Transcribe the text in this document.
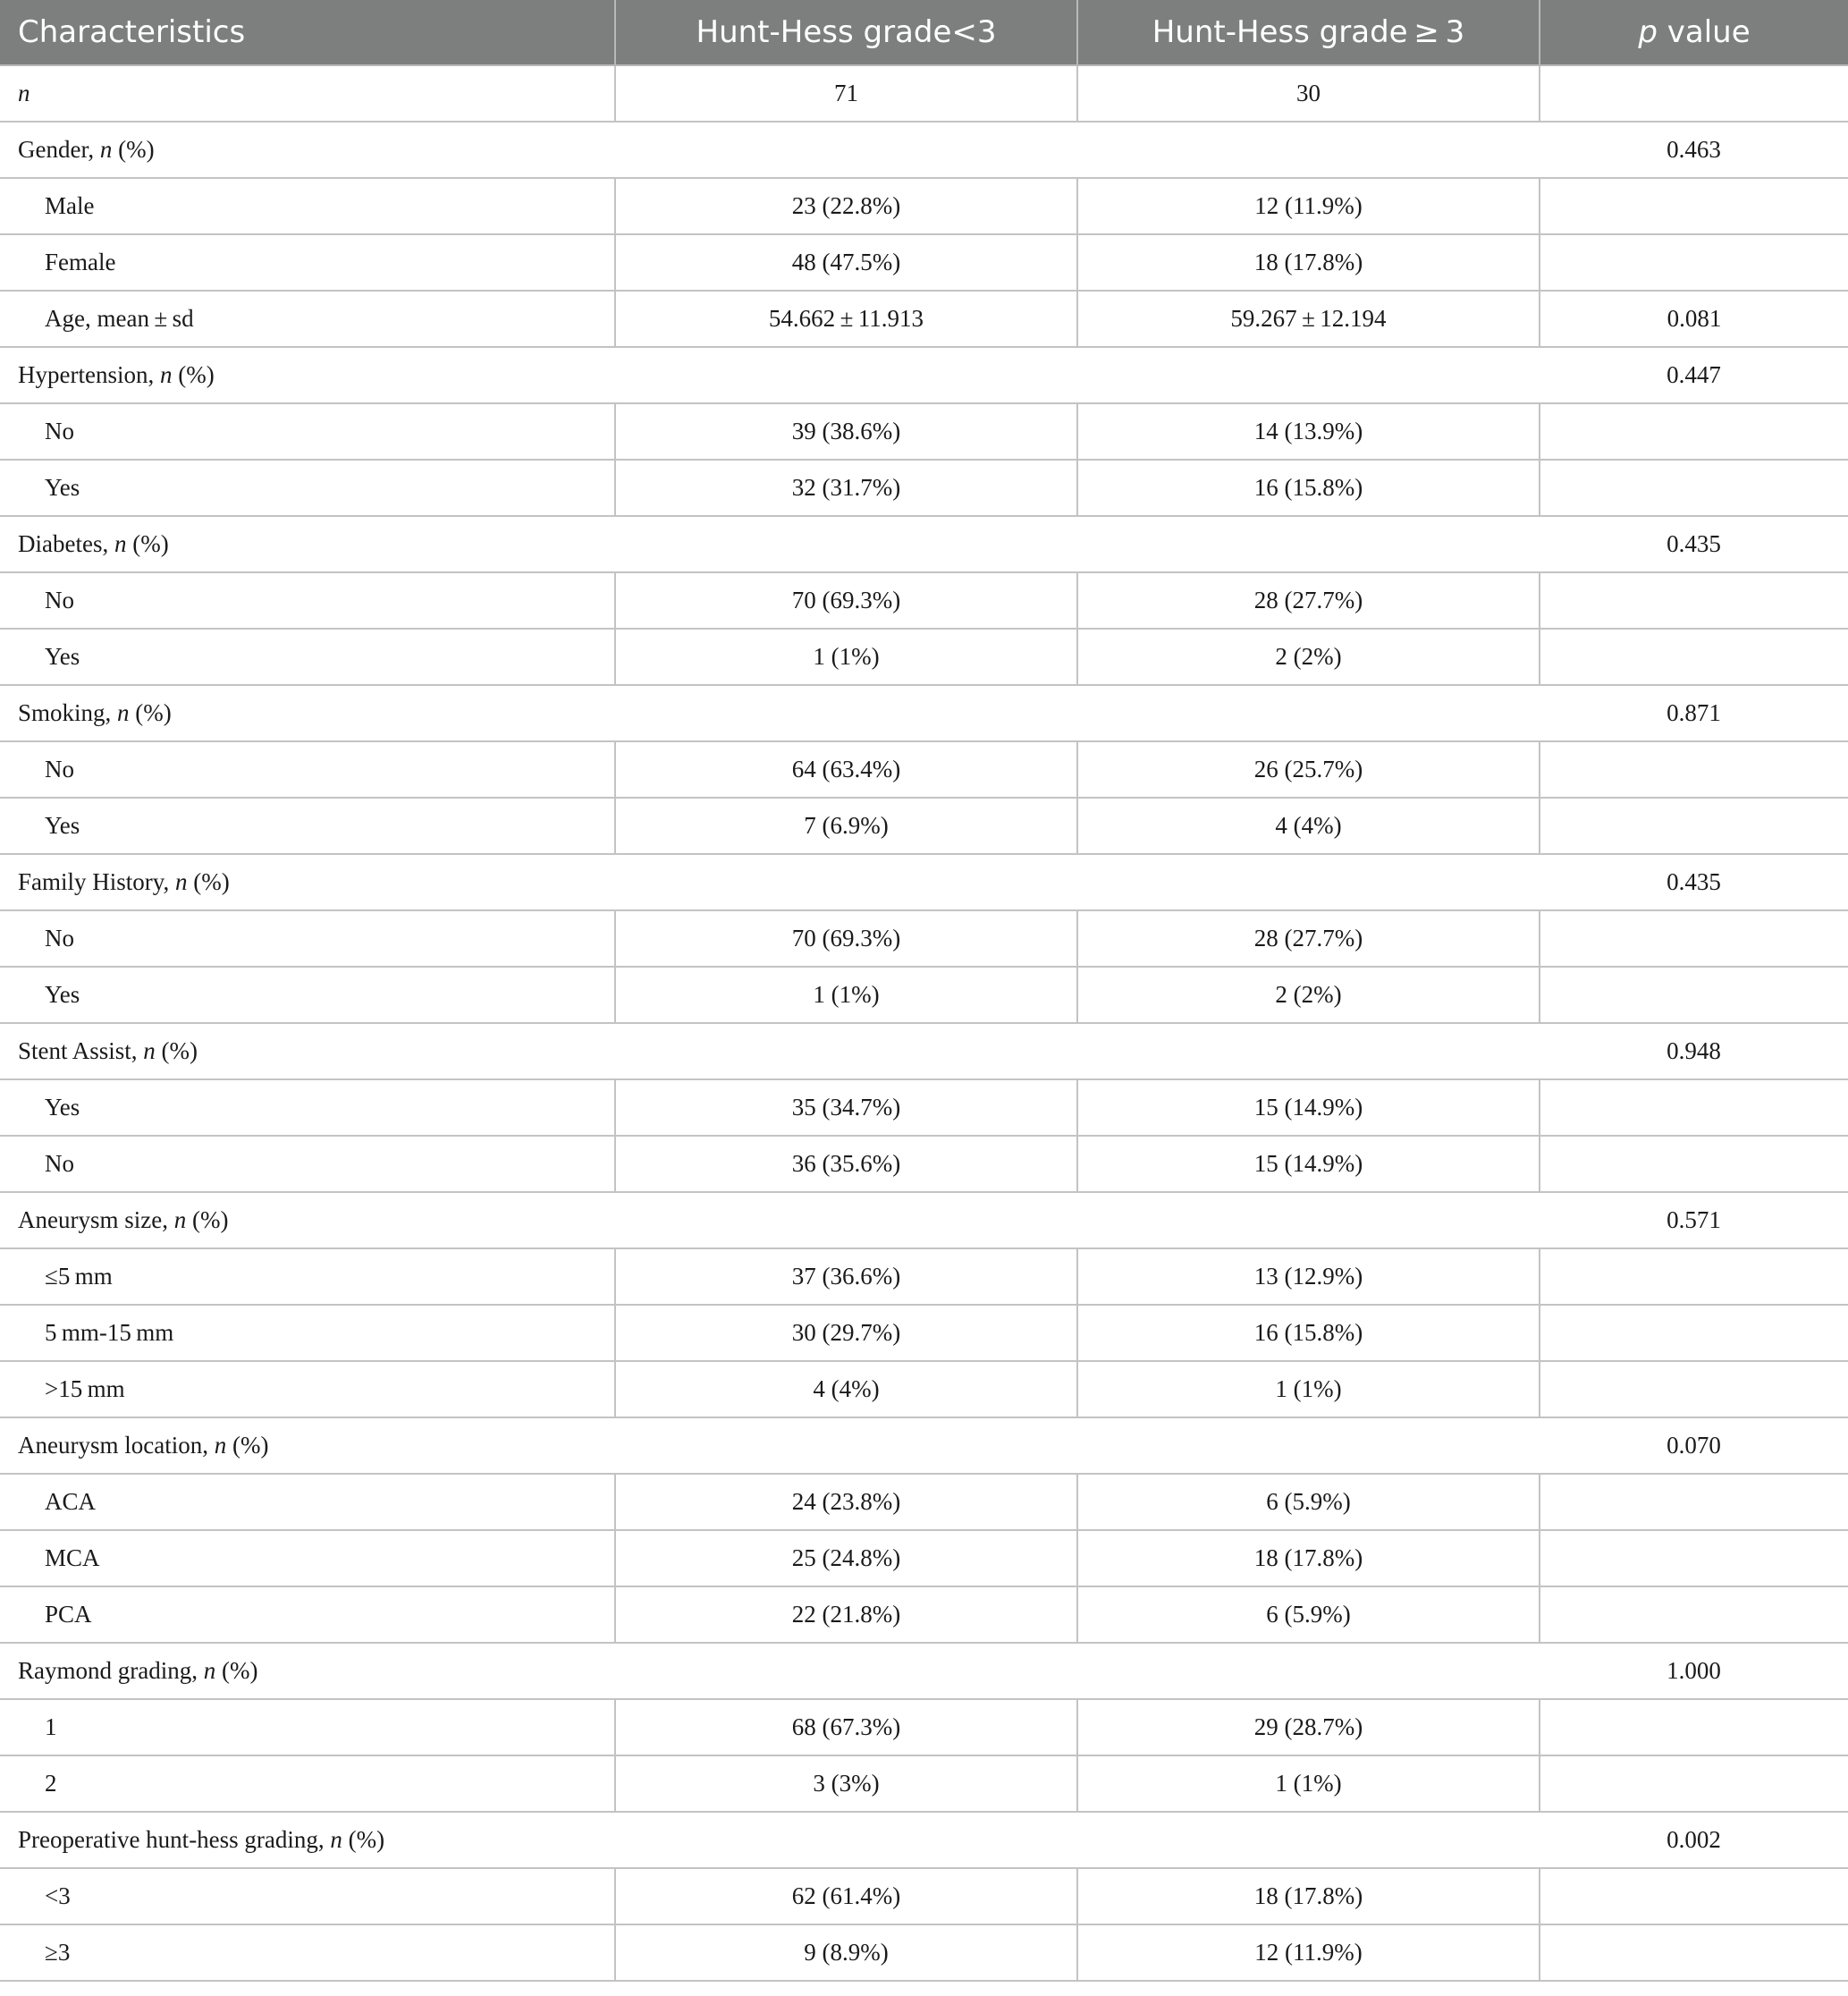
Characteristics	Hunt-Hess grade<3	Hunt-Hess grade ≥ 3	p value
n	71	30	
Gender, n (%)			0.463
Male	23 (22.8%)	12 (11.9%)	
Female	48 (47.5%)	18 (17.8%)	
Age, mean ± sd	54.662 ± 11.913	59.267 ± 12.194	0.081
Hypertension, n (%)			0.447
No	39 (38.6%)	14 (13.9%)	
Yes	32 (31.7%)	16 (15.8%)	
Diabetes, n (%)			0.435
No	70 (69.3%)	28 (27.7%)	
Yes	1 (1%)	2 (2%)	
Smoking, n (%)			0.871
No	64 (63.4%)	26 (25.7%)	
Yes	7 (6.9%)	4 (4%)	
Family History, n (%)			0.435
No	70 (69.3%)	28 (27.7%)	
Yes	1 (1%)	2 (2%)	
Stent Assist, n (%)			0.948
Yes	35 (34.7%)	15 (14.9%)	
No	36 (35.6%)	15 (14.9%)	
Aneurysm size, n (%)			0.571
≤5 mm	37 (36.6%)	13 (12.9%)	
5 mm-15 mm	30 (29.7%)	16 (15.8%)	
>15 mm	4 (4%)	1 (1%)	
Aneurysm location, n (%)			0.070
ACA	24 (23.8%)	6 (5.9%)	
MCA	25 (24.8%)	18 (17.8%)	
PCA	22 (21.8%)	6 (5.9%)	
Raymond grading, n (%)			1.000
1	68 (67.3%)	29 (28.7%)	
2	3 (3%)	1 (1%)	
Preoperative hunt-hess grading, n (%)			0.002
<3	62 (61.4%)	18 (17.8%)	
≥3	9 (8.9%)	12 (11.9%)	
